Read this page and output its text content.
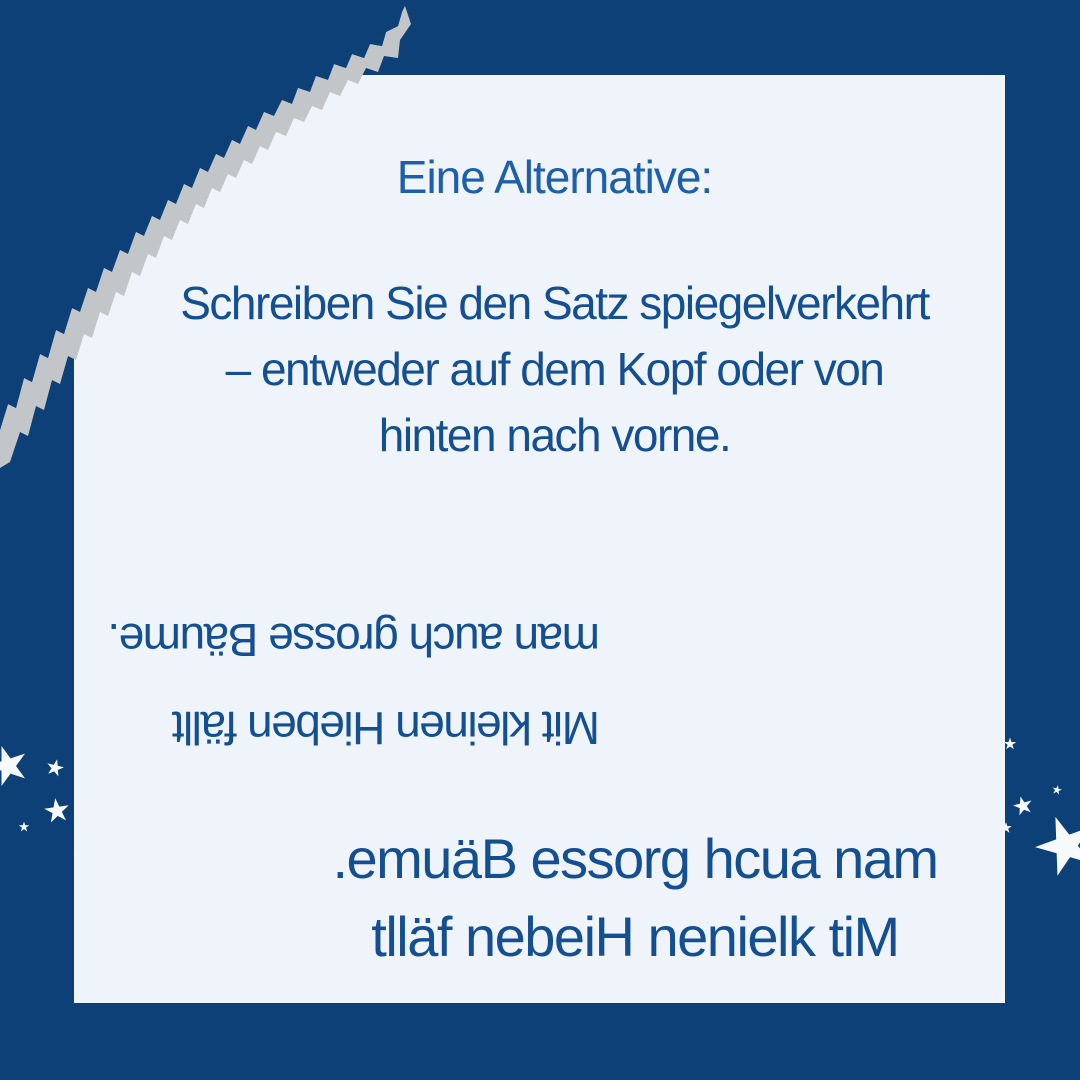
Eine Alternative:
Schreiben Sie den Satz spiegelverkehrt
– entweder auf dem Kopf oder von
hinten nach vorne.
Mit kleinen Hieben fällt
man auch grosse Bäume.
.emuäB essorg hcua nam
tlläf nebeiH nenielk tiM
